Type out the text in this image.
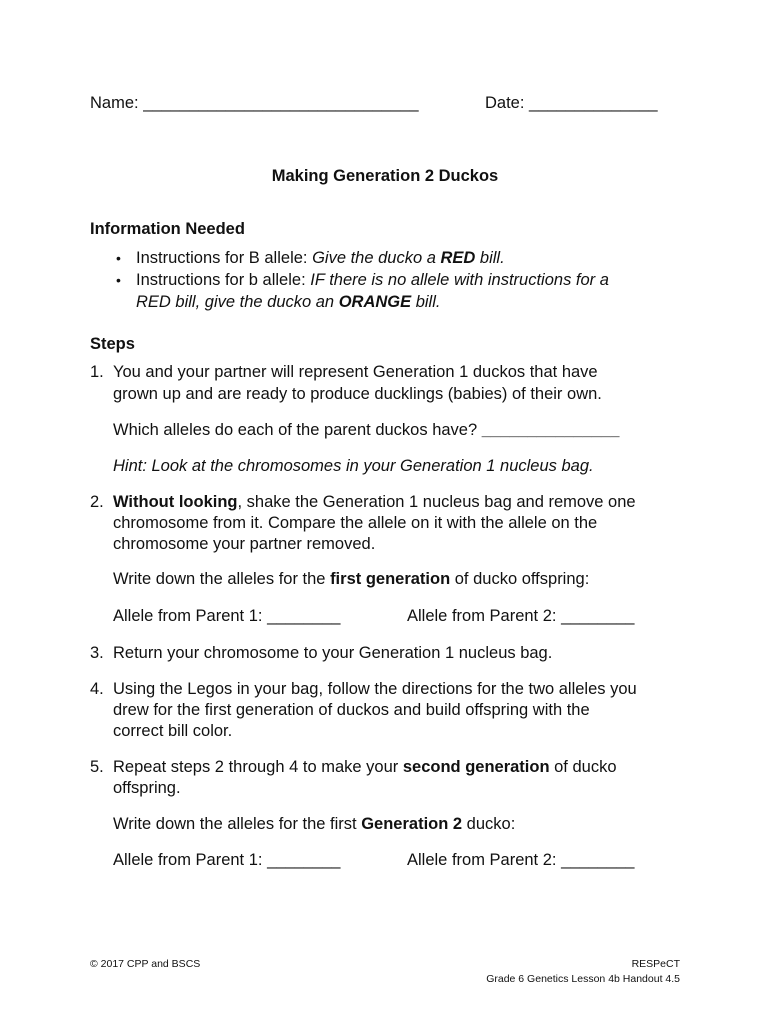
Name: ______________________________	Date: ______________
Making Generation 2 Duckos
Information Needed
• Instructions for B allele: Give the ducko a RED bill.
• Instructions for b allele: IF there is no allele with instructions for a
RED bill, give the ducko an ORANGE bill.
Steps
1. You and your partner will represent Generation 1 duckos that have
grown up and are ready to produce ducklings (babies) of their own.
Which alleles do each of the parent duckos have? _______________
Hint: Look at the chromosomes in your Generation 1 nucleus bag.
2. Without looking, shake the Generation 1 nucleus bag and remove one
chromosome from it. Compare the allele on it with the allele on the
chromosome your partner removed.
Write down the alleles for the first generation of ducko offspring:
Allele from Parent 1: ________	Allele from Parent 2: ________
3. Return your chromosome to your Generation 1 nucleus bag.
4. Using the Legos in your bag, follow the directions for the two alleles you
drew for the first generation of duckos and build offspring with the
correct bill color.
5. Repeat steps 2 through 4 to make your second generation of ducko
offspring.
Write down the alleles for the first Generation 2 ducko:
Allele from Parent 1: ________	Allele from Parent 2: ________
© 2017 CPP and BSCS	RESPeCT
Grade 6 Genetics Lesson 4b Handout 4.5
